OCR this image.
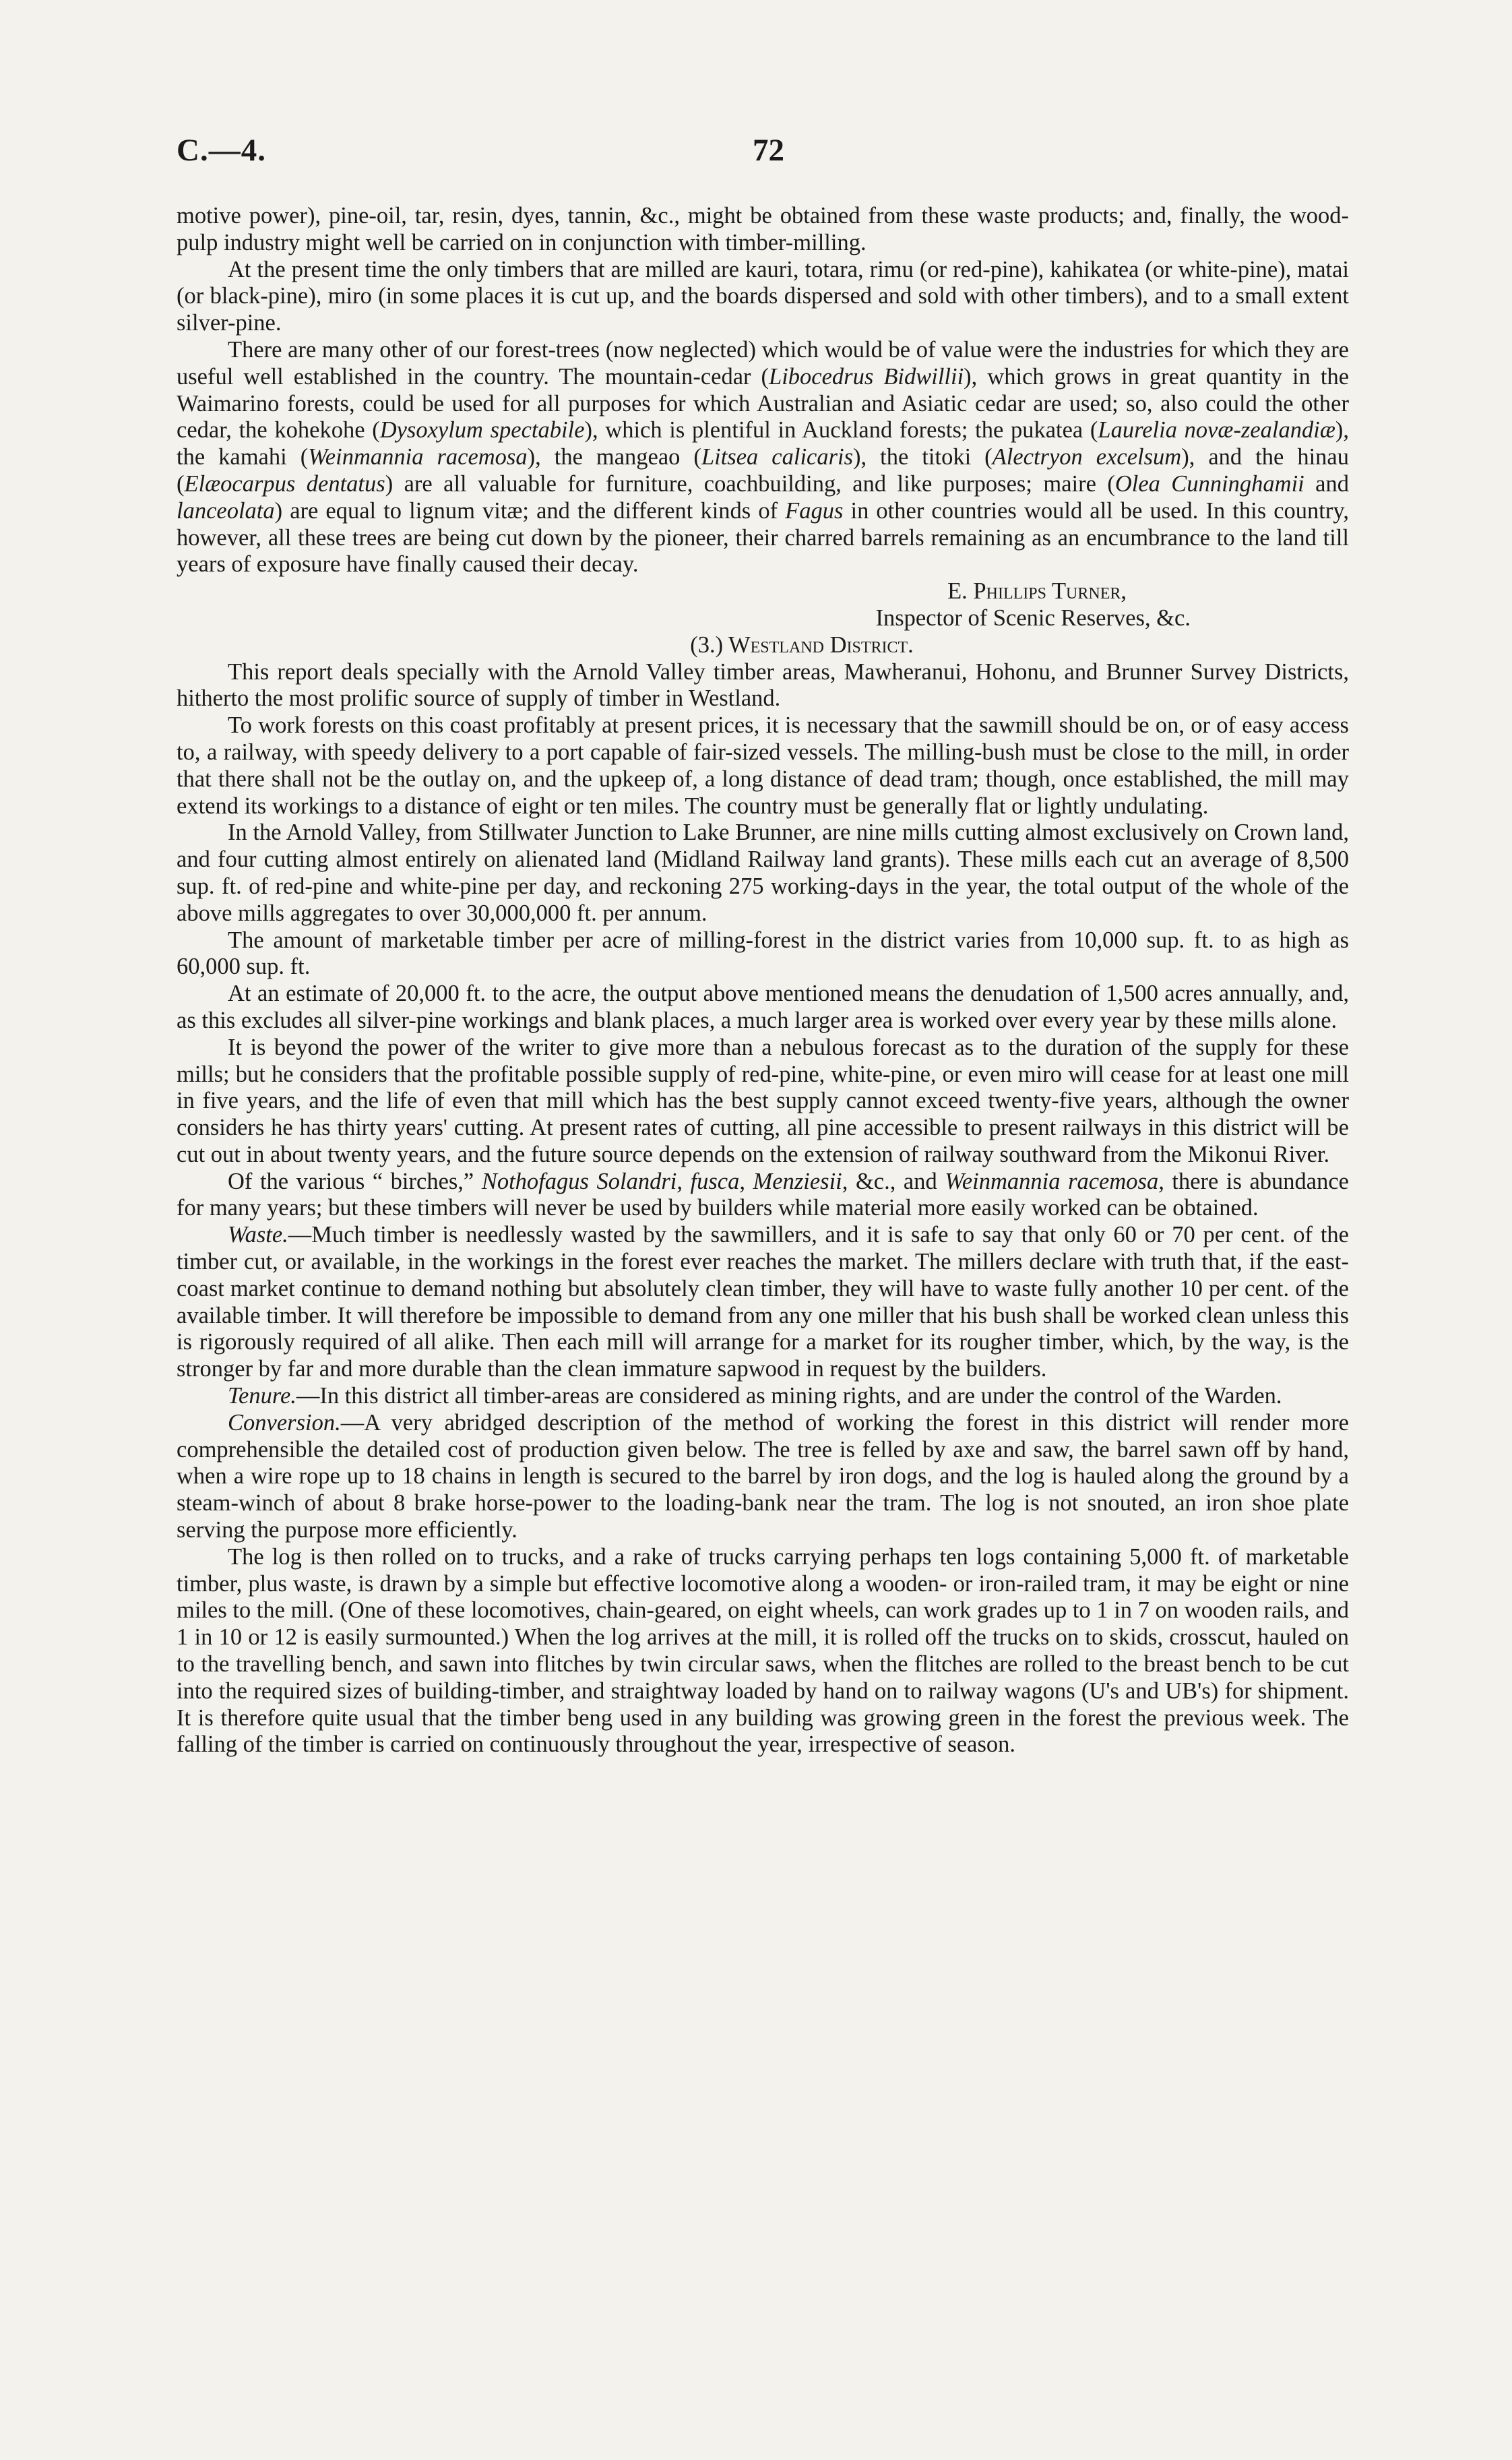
C.—4.	72

motive power), pine-oil, tar, resin, dyes, tannin, &c., might be obtained from these waste products; and, finally, the wood-pulp industry might well be carried on in conjunction with timber-milling.

At the present time the only timbers that are milled are kauri, totara, rimu (or red-pine), kahikatea (or white-pine), matai (or black-pine), miro (in some places it is cut up, and the boards dispersed and sold with other timbers), and to a small extent silver-pine.

There are many other of our forest-trees (now neglected) which would be of value were the industries for which they are useful well established in the country. The mountain-cedar (Libocedrus Bidwillii), which grows in great quantity in the Waimarino forests, could be used for all purposes for which Australian and Asiatic cedar are used; so, also could the other cedar, the kohekohe (Dysoxylum spectabile), which is plentiful in Auckland forests; the pukatea (Laurelia novæ-zealandiæ), the kamahi (Weinmannia racemosa), the mangeao (Litsea calicaris), the titoki (Alectryon excelsum), and the hinau (Elæocarpus dentatus) are all valuable for furniture, coachbuilding, and like purposes; maire (Olea Cunninghamii and lanceolata) are equal to lignum vitæ; and the different kinds of Fagus in other countries would all be used. In this country, however, all these trees are being cut down by the pioneer, their charred barrels remaining as an encumbrance to the land till years of exposure have finally caused their decay.

E. Phillips Turner,

Inspector of Scenic Reserves, &c.

(3.) Westland District.

This report deals specially with the Arnold Valley timber areas, Mawheranui, Hohonu, and Brunner Survey Districts, hitherto the most prolific source of supply of timber in Westland.

To work forests on this coast profitably at present prices, it is necessary that the sawmill should be on, or of easy access to, a railway, with speedy delivery to a port capable of fair-sized vessels. The milling-bush must be close to the mill, in order that there shall not be the outlay on, and the upkeep of, a long distance of dead tram; though, once established, the mill may extend its workings to a distance of eight or ten miles. The country must be generally flat or lightly undulating.

In the Arnold Valley, from Stillwater Junction to Lake Brunner, are nine mills cutting almost exclusively on Crown land, and four cutting almost entirely on alienated land (Midland Railway land grants). These mills each cut an average of 8,500 sup. ft. of red-pine and white-pine per day, and reckoning 275 working-days in the year, the total output of the whole of the above mills aggregates to over 30,000,000 ft. per annum.

The amount of marketable timber per acre of milling-forest in the district varies from 10,000 sup. ft. to as high as 60,000 sup. ft.

At an estimate of 20,000 ft. to the acre, the output above mentioned means the denudation of 1,500 acres annually, and, as this excludes all silver-pine workings and blank places, a much larger area is worked over every year by these mills alone.

It is beyond the power of the writer to give more than a nebulous forecast as to the duration of the supply for these mills; but he considers that the profitable possible supply of red-pine, white-pine, or even miro will cease for at least one mill in five years, and the life of even that mill which has the best supply cannot exceed twenty-five years, although the owner considers he has thirty years' cutting. At present rates of cutting, all pine accessible to present railways in this district will be cut out in about twenty years, and the future source depends on the extension of railway southward from the Mikonui River.

Of the various “ birches,” Nothofagus Solandri, fusca, Menziesii, &c., and Weinmannia racemosa, there is abundance for many years; but these timbers will never be used by builders while material more easily worked can be obtained.

Waste.—Much timber is needlessly wasted by the sawmillers, and it is safe to say that only 60 or 70 per cent. of the timber cut, or available, in the workings in the forest ever reaches the market. The millers declare with truth that, if the east-coast market continue to demand nothing but absolutely clean timber, they will have to waste fully another 10 per cent. of the available timber. It will therefore be impossible to demand from any one miller that his bush shall be worked clean unless this is rigorously required of all alike. Then each mill will arrange for a market for its rougher timber, which, by the way, is the stronger by far and more durable than the clean immature sapwood in request by the builders.

Tenure.—In this district all timber-areas are considered as mining rights, and are under the control of the Warden.

Conversion.—A very abridged description of the method of working the forest in this district will render more comprehensible the detailed cost of production given below. The tree is felled by axe and saw, the barrel sawn off by hand, when a wire rope up to 18 chains in length is secured to the barrel by iron dogs, and the log is hauled along the ground by a steam-winch of about 8 brake horse-power to the loading-bank near the tram. The log is not snouted, an iron shoe plate serving the purpose more efficiently.

The log is then rolled on to trucks, and a rake of trucks carrying perhaps ten logs containing 5,000 ft. of marketable timber, plus waste, is drawn by a simple but effective locomotive along a wooden- or iron-railed tram, it may be eight or nine miles to the mill. (One of these locomotives, chain-geared, on eight wheels, can work grades up to 1 in 7 on wooden rails, and 1 in 10 or 12 is easily surmounted.) When the log arrives at the mill, it is rolled off the trucks on to skids, crosscut, hauled on to the travelling bench, and sawn into flitches by twin circular saws, when the flitches are rolled to the breast bench to be cut into the required sizes of building-timber, and straightway loaded by hand on to railway wagons (U's and UB's) for shipment. It is therefore quite usual that the timber beng used in any building was growing green in the forest the previous week. The falling of the timber is carried on continuously throughout the year, irrespective of season.
